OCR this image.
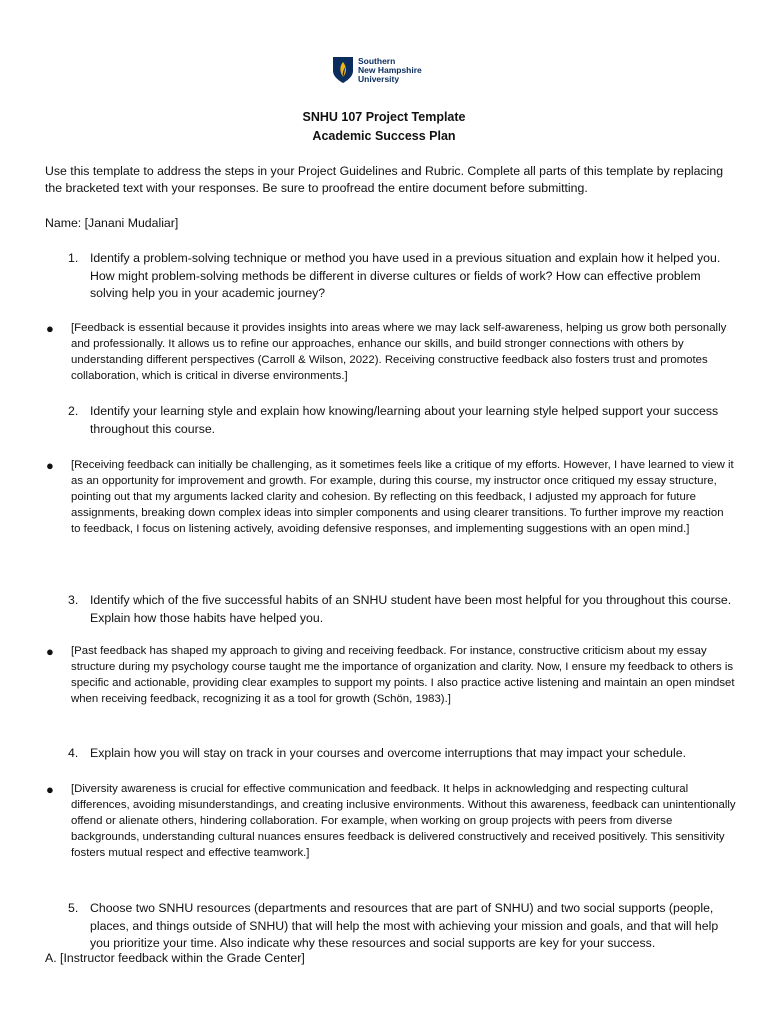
Southern
New Hampshire
University
SNHU 107 Project Template
Academic Success Plan
Use this template to address the steps in your Project Guidelines and Rubric. Complete all parts of this template by replacing the bracketed text with your responses. Be sure to proofread the entire document before submitting.
Name: [Janani Mudaliar]
1. Identify a problem-solving technique or method you have used in a previous situation and explain how it helped you. How might problem-solving methods be different in diverse cultures or fields of work? How can effective problem solving help you in your academic journey?
●	[Feedback is essential because it provides insights into areas where we may lack self-awareness, helping us grow both personally and professionally. It allows us to refine our approaches, enhance our skills, and build stronger connections with others by understanding different perspectives (Carroll & Wilson, 2022). Receiving constructive feedback also fosters trust and promotes collaboration, which is critical in diverse environments.]
2. Identify your learning style and explain how knowing/learning about your learning style helped support your success throughout this course.
●	[Receiving feedback can initially be challenging, as it sometimes feels like a critique of my efforts. However, I have learned to view it as an opportunity for improvement and growth. For example, during this course, my instructor once critiqued my essay structure, pointing out that my arguments lacked clarity and cohesion. By reflecting on this feedback, I adjusted my approach for future assignments, breaking down complex ideas into simpler components and using clearer transitions. To further improve my reaction to feedback, I focus on listening actively, avoiding defensive responses, and implementing suggestions with an open mind.]
3. Identify which of the five successful habits of an SNHU student have been most helpful for you throughout this course. Explain how those habits have helped you.
●	[Past feedback has shaped my approach to giving and receiving feedback. For instance, constructive criticism about my essay structure during my psychology course taught me the importance of organization and clarity. Now, I ensure my feedback to others is specific and actionable, providing clear examples to support my points. I also practice active listening and maintain an open mindset when receiving feedback, recognizing it as a tool for growth (Schön, 1983).]
4. Explain how you will stay on track in your courses and overcome interruptions that may impact your schedule.
●	[Diversity awareness is crucial for effective communication and feedback. It helps in acknowledging and respecting cultural differences, avoiding misunderstandings, and creating inclusive environments. Without this awareness, feedback can unintentionally offend or alienate others, hindering collaboration. For example, when working on group projects with peers from diverse backgrounds, understanding cultural nuances ensures feedback is delivered constructively and received positively. This sensitivity fosters mutual respect and effective teamwork.]
5. Choose two SNHU resources (departments and resources that are part of SNHU) and two social supports (people, places, and things outside of SNHU) that will help the most with achieving your mission and goals, and that will help you prioritize your time. Also indicate why these resources and social supports are key for your success.
A. [Instructor feedback within the Grade Center]
